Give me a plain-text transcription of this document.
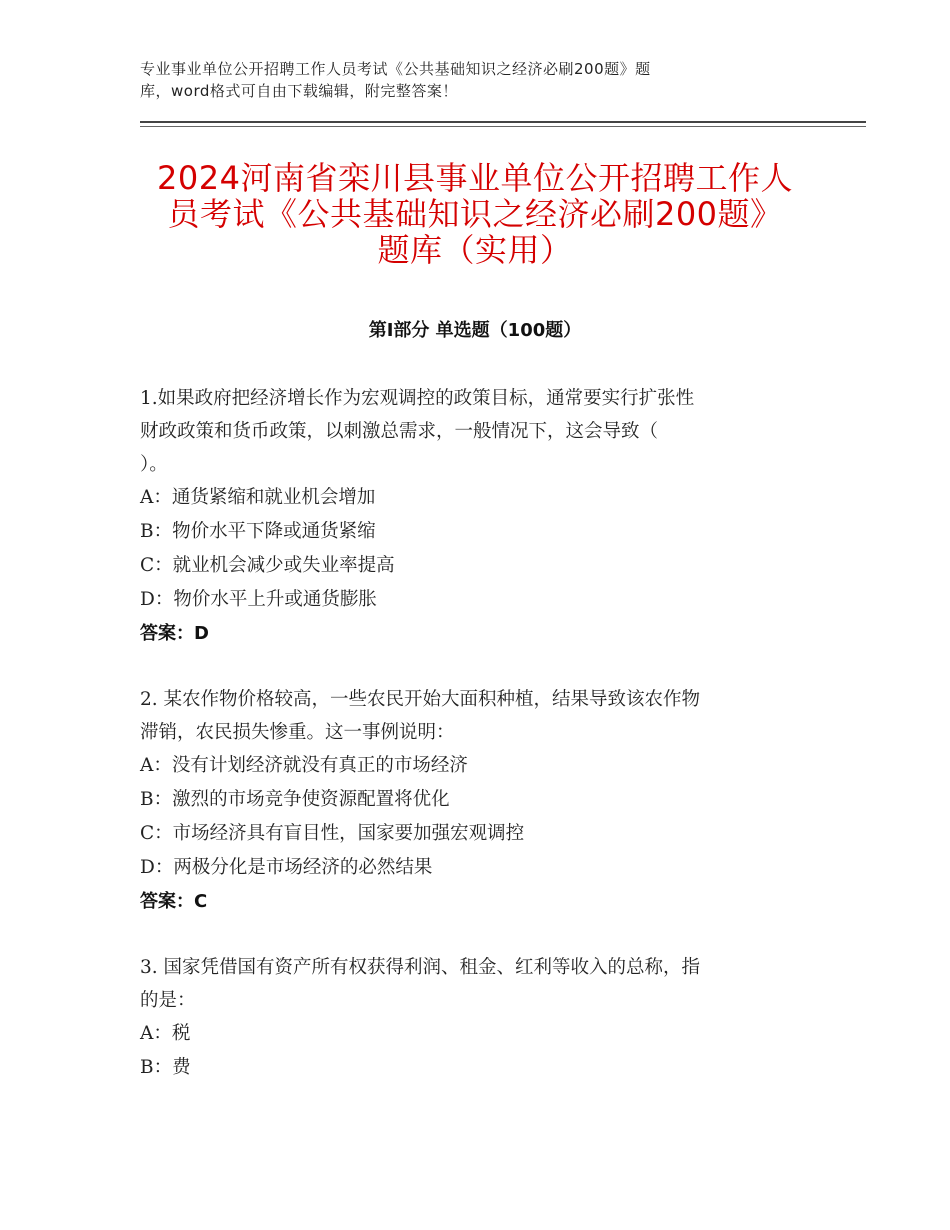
专业事业单位公开招聘工作人员考试《公共基础知识之经济必刷200题》题
库，word格式可自由下载编辑，附完整答案！
2024河南省栾川县事业单位公开招聘工作人
员考试《公共基础知识之经济必刷200题》
题库（实用）
第Ⅰ部分 单选题（100题）

1.如果政府把经济增长作为宏观调控的政策目标，通常要实行扩张性
财政政策和货币政策，以刺激总需求，一般情况下，这会导致（
）。

A：通货紧缩和就业机会增加

B：物价水平下降或通货紧缩

C：就业机会减少或失业率提高

D：物价水平上升或通货膨胀

答案：D

2. 某农作物价格较高，一些农民开始大面积种植，结果导致该农作物
滞销，农民损失惨重。这一事例说明：

A：没有计划经济就没有真正的市场经济

B：激烈的市场竞争使资源配置将优化

C：市场经济具有盲目性，国家要加强宏观调控

D：两极分化是市场经济的必然结果

答案：C

3. 国家凭借国有资产所有权获得利润、租金、红利等收入的总称，指
的是：

A：税

B：费
